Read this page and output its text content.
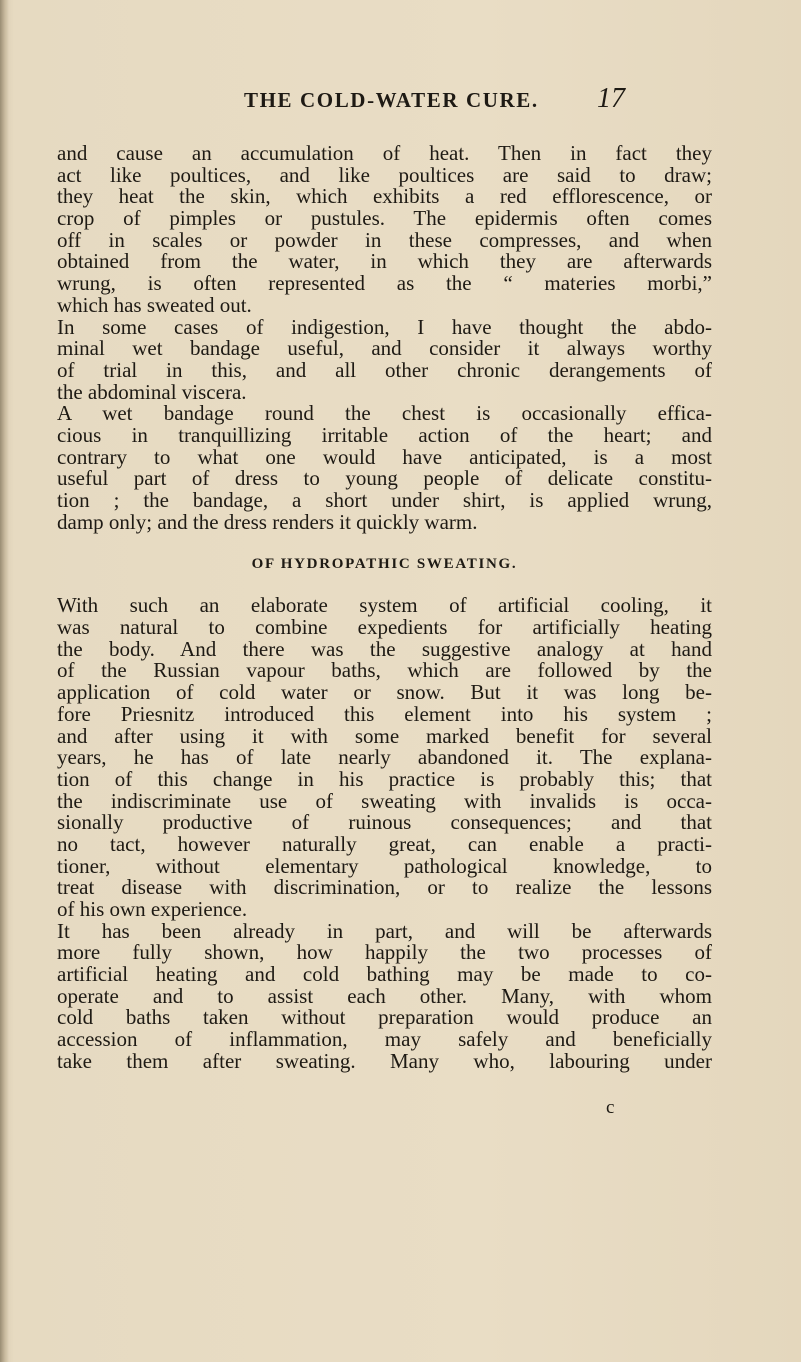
THE COLD-WATER CURE. 17
and cause an accumulation of heat. Then in fact they
act like poultices, and like poultices are said to draw;
they heat the skin, which exhibits a red efflorescence, or
crop of pimples or pustules. The epidermis often comes
off in scales or powder in these compresses, and when
obtained from the water, in which they are afterwards
wrung, is often represented as the “ materies morbi,”
which has sweated out.
In some cases of indigestion, I have thought the abdo-
minal wet bandage useful, and consider it always worthy
of trial in this, and all other chronic derangements of
the abdominal viscera.
A wet bandage round the chest is occasionally effica-
cious in tranquillizing irritable action of the heart; and
contrary to what one would have anticipated, is a most
useful part of dress to young people of delicate constitu-
tion ; the bandage, a short under shirt, is applied wrung,
damp only; and the dress renders it quickly warm.
OF HYDROPATHIC SWEATING.
With such an elaborate system of artificial cooling, it
was natural to combine expedients for artificially heating
the body. And there was the suggestive analogy at hand
of the Russian vapour baths, which are followed by the
application of cold water or snow. But it was long be-
fore Priesnitz introduced this element into his system ;
and after using it with some marked benefit for several
years, he has of late nearly abandoned it. The explana-
tion of this change in his practice is probably this; that
the indiscriminate use of sweating with invalids is occa-
sionally productive of ruinous consequences; and that
no tact, however naturally great, can enable a practi-
tioner, without elementary pathological knowledge, to
treat disease with discrimination, or to realize the lessons
of his own experience.
It has been already in part, and will be afterwards
more fully shown, how happily the two processes of
artificial heating and cold bathing may be made to co-
operate and to assist each other. Many, with whom
cold baths taken without preparation would produce an
accession of inflammation, may safely and beneficially
take them after sweating. Many who, labouring under
c
